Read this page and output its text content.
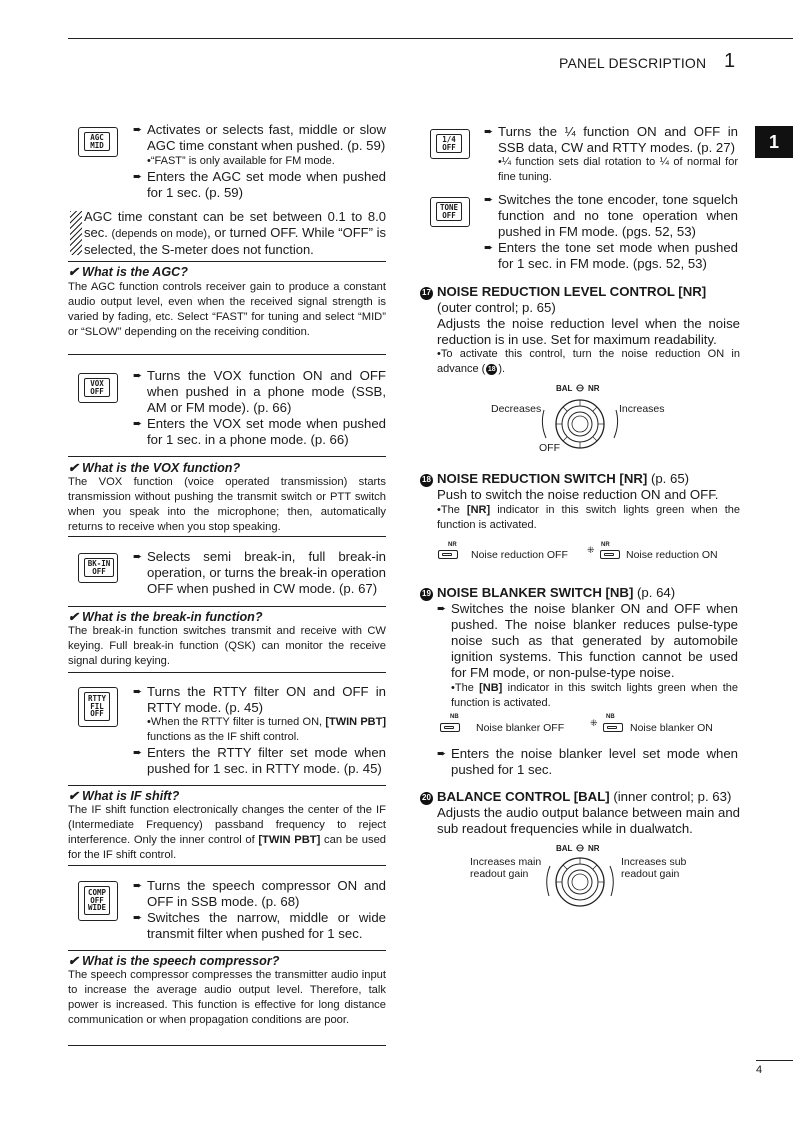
PANEL DESCRIPTION 1
1
4
AGC
MID
➨ Activates or selects fast, middle or slow AGC time constant when pushed. (p. 59)
•“FAST” is only available for FM mode.
➨ Enters the AGC set mode when pushed for 1 sec. (p. 59)
AGC time constant can be set between 0.1 to 8.0 sec. (depends on mode), or turned OFF. While “OFF” is selected, the S-meter does not function.
✔ What is the AGC?
The AGC function controls receiver gain to produce a constant audio output level, even when the received signal strength is varied by fading, etc. Select “FAST” for tuning and select “MID” or “SLOW” depending on the receiving condition.
VOX
OFF
➨ Turns the VOX function ON and OFF when pushed in a phone mode (SSB, AM or FM mode). (p. 66)
➨ Enters the VOX set mode when pushed for 1 sec. in a phone mode. (p. 66)
✔ What is the VOX function?
The VOX function (voice operated transmission) starts transmission without pushing the transmit switch or PTT switch when you speak into the microphone; then, automatically returns to receive when you stop speaking.
BK-IN
OFF
➨ Selects semi break-in, full break-in operation, or turns the break-in operation OFF when pushed in CW mode. (p. 67)
✔ What is the break-in function?
The break-in function switches transmit and receive with CW keying. Full break-in function (QSK) can monitor the receive signal during keying.
RTTY
FIL
OFF
➨ Turns the RTTY filter ON and OFF in RTTY mode. (p. 45)
•When the RTTY filter is turned ON, [TWIN PBT] functions as the IF shift control.
➨ Enters the RTTY filter set mode when pushed for 1 sec. in RTTY mode. (p. 45)
✔ What is IF shift?
The IF shift function electronically changes the center of the IF (Intermediate Frequency) passband frequency to reject interference. Only the inner control of [TWIN PBT] can be used for the IF shift control.
COMP
OFF
WIDE
➨ Turns the speech compressor ON and OFF in SSB mode. (p. 68)
➨ Switches the narrow, middle or wide transmit filter when pushed for 1 sec.
✔ What is the speech compressor?
The speech compressor compresses the transmitter audio input to increase the average audio output level. Therefore, talk power is increased. This function is effective for long distance communication or when propagation conditions are poor.
1/4
OFF
➨ Turns the ¼ function ON and OFF in SSB data, CW and RTTY modes. (p. 27)
•¼ function sets dial rotation to ¼ of normal for fine tuning.
TONE
OFF
➨ Switches the tone encoder, tone squelch function and no tone operation when pushed in FM mode. (pgs. 52, 53)
➨ Enters the tone set mode when pushed for 1 sec. in FM mode. (pgs. 52, 53)
17 NOISE REDUCTION LEVEL CONTROL [NR]
(outer control; p. 65)
Adjusts the noise reduction level when the noise reduction is in use. Set for maximum readability.
•To activate this control, turn the noise reduction ON in advance ( 18 ).
BAL NR
Decreases	Increases
OFF
18 NOISE REDUCTION SWITCH [NR] (p. 65)
Push to switch the noise reduction ON and OFF.
•The [NR] indicator in this switch lights green when the function is activated.
NR
Noise reduction OFF
NR
⁜	Noise reduction ON
19 NOISE BLANKER SWITCH [NB] (p. 64)
➨ Switches the noise blanker ON and OFF when pushed. The noise blanker reduces pulse-type noise such as that generated by automobile ignition systems. This function cannot be used for FM mode, or non-pulse-type noise.
•The [NB] indicator in this switch lights green when the function is activated.
NB
Noise blanker OFF
NB
⁜	Noise blanker ON
➨ Enters the noise blanker level set mode when pushed for 1 sec.
20 BALANCE CONTROL [BAL] (inner control; p. 63)
Adjusts the audio output balance between main and sub readout frequencies while in dualwatch.
BAL NR
Increases main
readout gain
Increases sub
readout gain
